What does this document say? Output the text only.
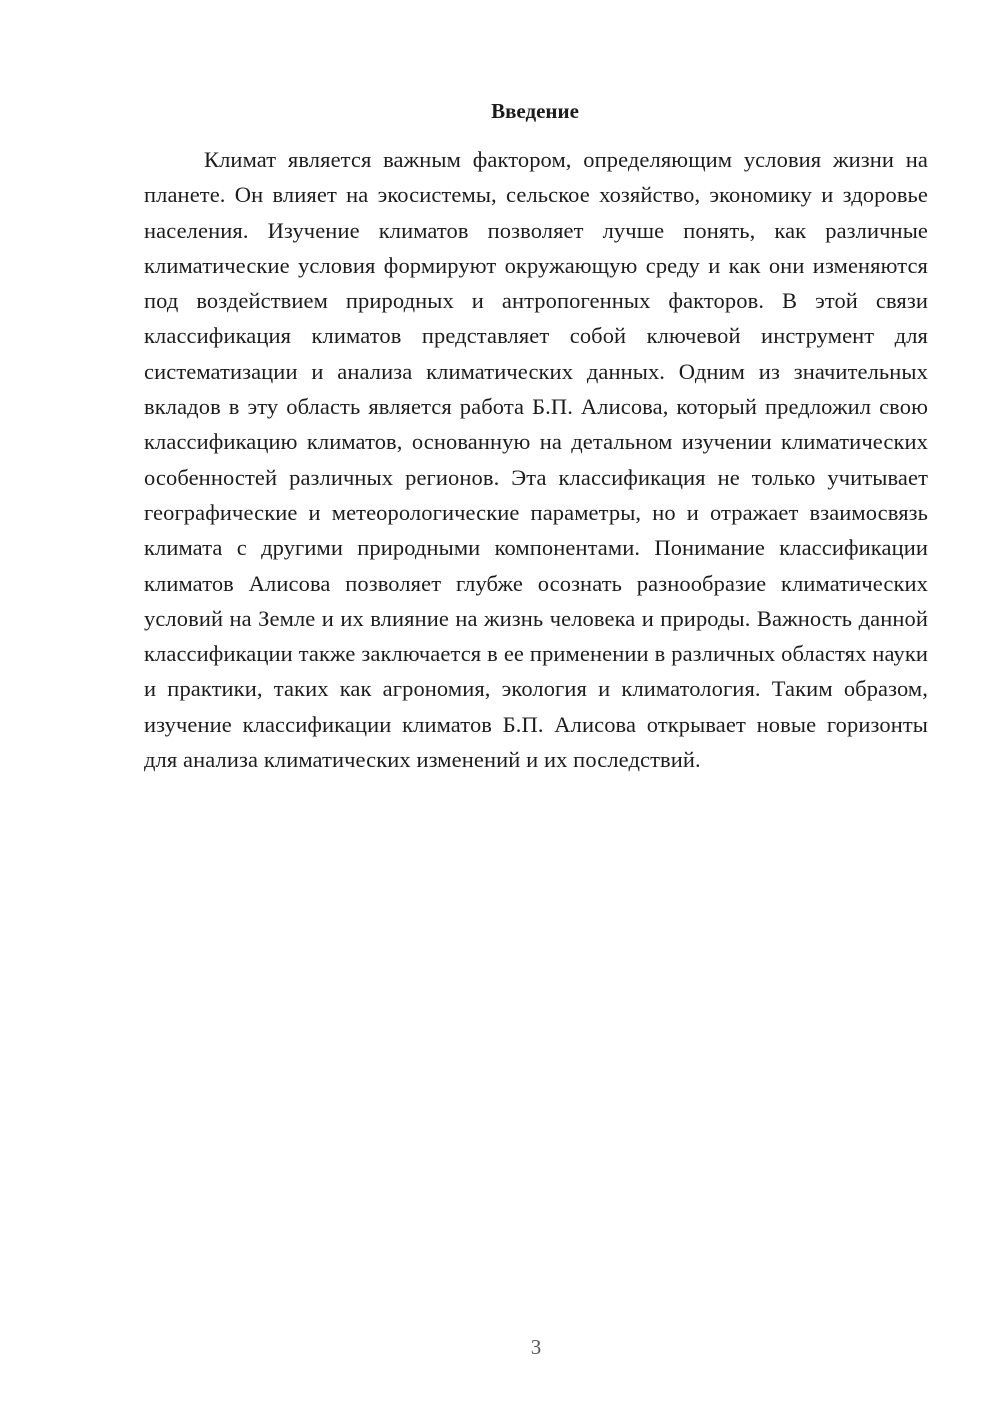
Введение

Климат является важным фактором, определяющим условия жизни на планете. Он влияет на экосистемы, сельское хозяйство, экономику и здоровье населения. Изучение климатов позволяет лучше понять, как различные климатические условия формируют окружающую среду и как они изменяются под воздействием природных и антропогенных факторов. В этой связи классификация климатов представляет собой ключевой инструмент для систематизации и анализа климатических данных. Одним из значительных вкладов в эту область является работа Б.П. Алисова, который предложил свою классификацию климатов, основанную на детальном изучении климатических особенностей различных регионов. Эта классификация не только учитывает географические и метеорологические параметры, но и отражает взаимосвязь климата с другими природными компонентами. Понимание классификации климатов Алисова позволяет глубже осознать разнообразие климатических условий на Земле и их влияние на жизнь человека и природы. Важность данной классификации также заключается в ее применении в различных областях науки и практики, таких как агрономия, экология и климатология. Таким образом, изучение классификации климатов Б.П. Алисова открывает новые горизонты для анализа климатических изменений и их последствий.

3
